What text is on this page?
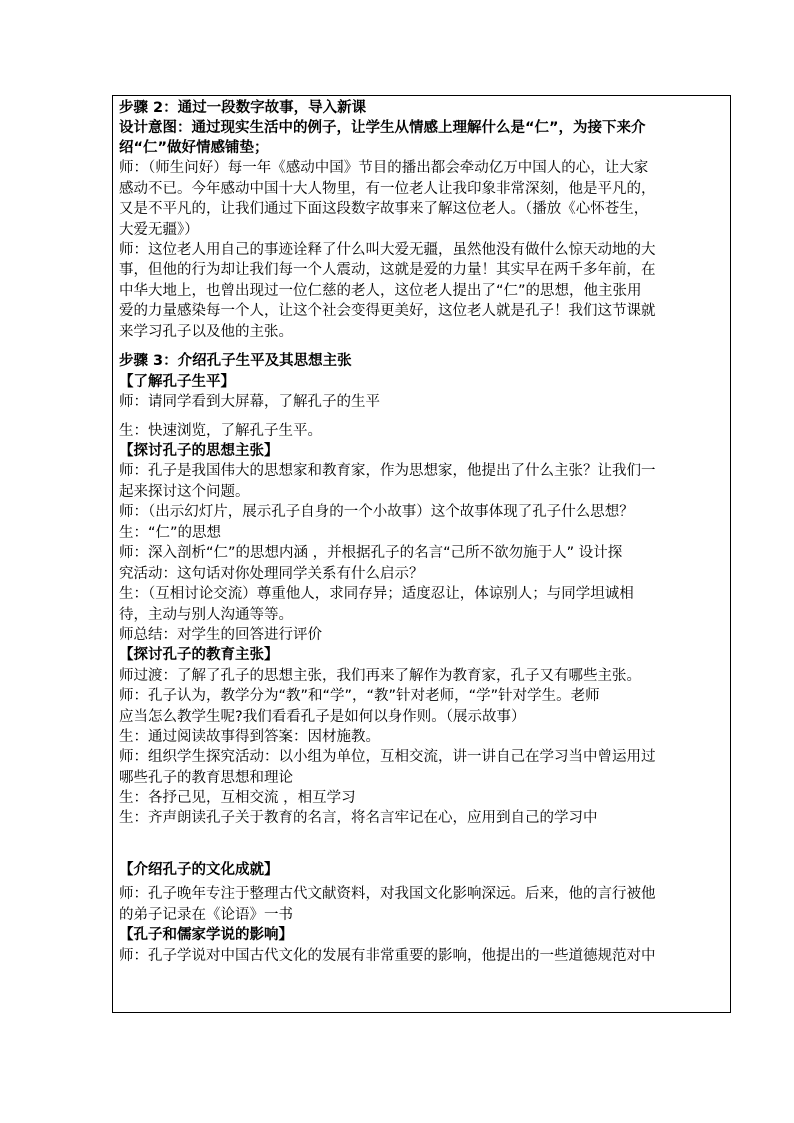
步骤 2：通过一段数字故事，导入新课
设计意图：通过现实生活中的例子，让学生从情感上理解什么是“仁”，为接下来介
绍“仁”做好情感铺垫；
师：（师生问好）每一年《感动中国》节目的播出都会牵动亿万中国人的心，让大家
感动不已。今年感动中国十大人物里，有一位老人让我印象非常深刻，他是平凡的，
又是不平凡的，让我们通过下面这段数字故事来了解这位老人。（播放《心怀苍生，
大爱无疆》）
师：这位老人用自己的事迹诠释了什么叫大爱无疆，虽然他没有做什么惊天动地的大
事，但他的行为却让我们每一个人震动，这就是爱的力量！其实早在两千多年前，在
中华大地上，也曾出现过一位仁慈的老人，这位老人提出了“仁”的思想，他主张用
爱的力量感染每一个人，让这个社会变得更美好，这位老人就是孔子！我们这节课就
来学习孔子以及他的主张。
步骤 3：介绍孔子生平及其思想主张
【了解孔子生平】
师：请同学看到大屏幕，了解孔子的生平
生：快速浏览，了解孔子生平。
【探讨孔子的思想主张】
师：孔子是我国伟大的思想家和教育家，作为思想家，他提出了什么主张？让我们一
起来探讨这个问题。
师：（出示幻灯片，展示孔子自身的一个小故事）这个故事体现了孔子什么思想？
生：“仁”的思想
师：深入剖析“仁”的思想内涵 ，并根据孔子的名言“己所不欲勿施于人” 设计探
究活动：这句话对你处理同学关系有什么启示？
生：（互相讨论交流）尊重他人，求同存异；适度忍让，体谅别人；与同学坦诚相
待，主动与别人沟通等等。
师总结：对学生的回答进行评价
【探讨孔子的教育主张】
师过渡：了解了孔子的思想主张，我们再来了解作为教育家，孔子又有哪些主张。
师：孔子认为，教学分为“教”和“学”，“教”针对老师，“学”针对学生。老师
应当怎么教学生呢?我们看看孔子是如何以身作则。（展示故事）
生：通过阅读故事得到答案：因材施教。
师：组织学生探究活动：以小组为单位，互相交流，讲一讲自己在学习当中曾运用过
哪些孔子的教育思想和理论
生：各抒己见，互相交流 ，相互学习
生：齐声朗读孔子关于教育的名言，将名言牢记在心，应用到自己的学习中
【介绍孔子的文化成就】
师：孔子晚年专注于整理古代文献资料，对我国文化影响深远。后来，他的言行被他
的弟子记录在《论语》一书
【孔子和儒家学说的影响】
师：孔子学说对中国古代文化的发展有非常重要的影响，他提出的一些道德规范对中
